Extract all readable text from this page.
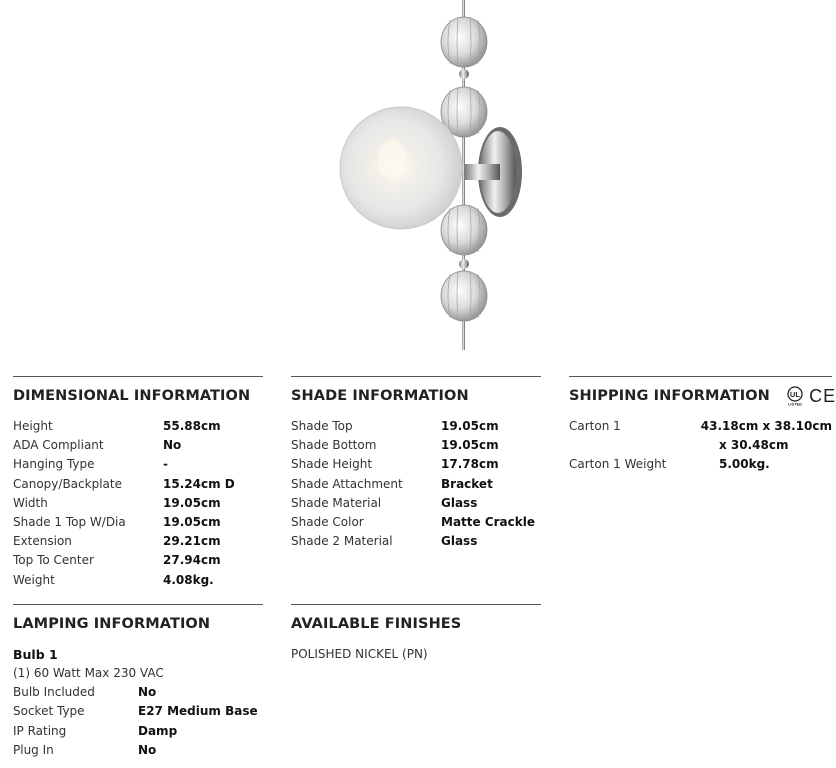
DIMENSIONAL INFORMATION
Height	55.88cm
ADA Compliant	No
Hanging Type	-
Canopy/Backplate	15.24cm D
Width	19.05cm
Shade 1 Top W/Dia	19.05cm
Extension	29.21cm
Top To Center	27.94cm
Weight	4.08kg.
SHADE INFORMATION
Shade Top	19.05cm
Shade Bottom	19.05cm
Shade Height	17.78cm
Shade Attachment	Bracket
Shade Material	Glass
Shade Color	Matte Crackle
Shade 2 Material	Glass
SHIPPING INFORMATION	UL
LISTED CE
Carton 1	43.18cm x 38.10cm
x 30.48cm
Carton 1 Weight	5.00kg.
LAMPING INFORMATION
Bulb 1
(1) 60 Watt Max 230 VAC
Bulb Included	No
Socket Type	E27 Medium Base
IP Rating	Damp
Plug In	No
AVAILABLE FINISHES
POLISHED NICKEL (PN)
